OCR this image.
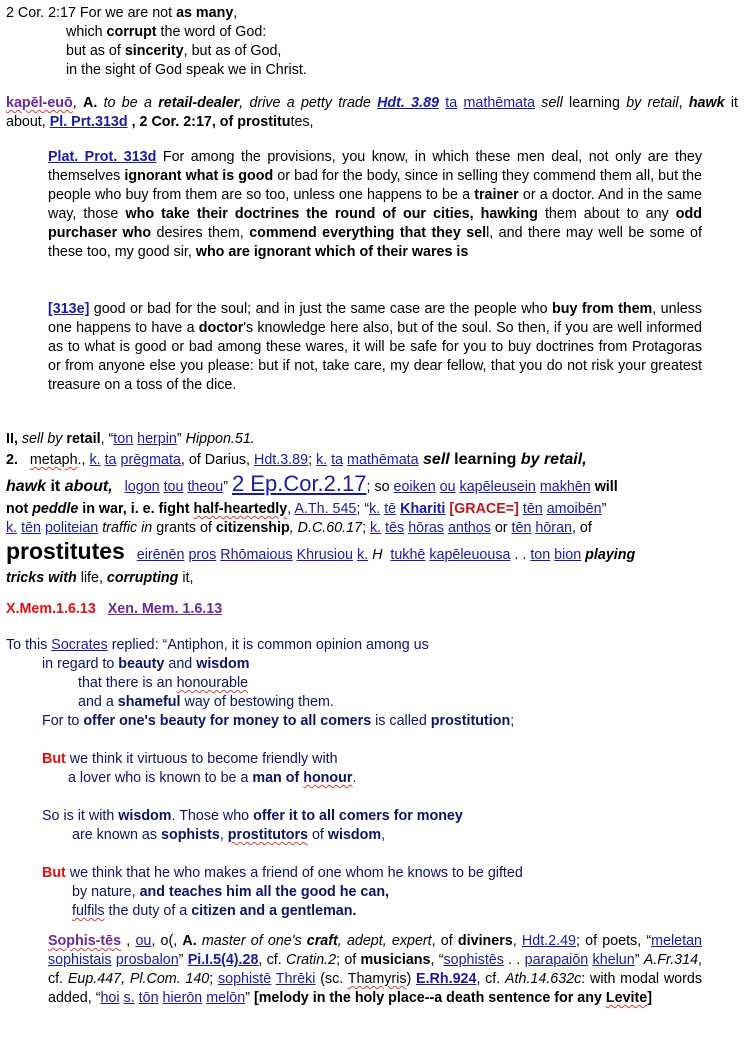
2 Cor. 2:17 For we are not as many,

which corrupt the word of God:

but as of sincerity, but as of God,

in the sight of God speak we in Christ.

kapēl-euō, A. to be a retail-dealer, drive a petty trade Hdt. 3.89 ta mathēmata sell learning by retail, hawk it about, Pl. Prt.313d , 2 Cor. 2:17, of prostitutes,

Plat. Prot. 313d For among the provisions, you know, in which these men deal, not only are they themselves ignorant what is good or bad for the body, since in selling they commend them all, but the people who buy from them are so too, unless one happens to be a trainer or a doctor. And in the same way, those who take their doctrines the round of our cities, hawking them about to any odd purchaser who desires them, commend everything that they sell, and there may well be some of these too, my good sir, who are ignorant which of their wares is

[313e] good or bad for the soul; and in just the same case are the people who buy from them, unless one happens to have a doctor's knowledge here also, but of the soul. So then, if you are well informed as to what is good or bad among these wares, it will be safe for you to buy doctrines from Protagoras or from anyone else you please: but if not, take care, my dear fellow, that you do not risk your greatest treasure on a toss of the dice.

II, sell by retail, “ton herpin” Hippon.51.

2. metaph., k. ta prēgmata, of Darius, Hdt.3.89; k. ta mathēmata sell learning by retail,

hawk it about, logon tou theou” 2 Ep.Cor.2.17; so eoiken ou kapēleusein makhēn will

not peddle in war, i. e. fight half-heartedly, A.Th. 545; “k. tē Khariti [GRACE=] tēn amoibēn”

k. tēn politeian traffic in grants of citizenship, D.C.60.17; k. tēs hōras anthos or tēn hōran, of

prostitutes eirēnēn pros Rhōmaious Khrusiou k. H tukhē kapēleuousa . . ton bion playing

tricks with life, corrupting it,

X.Mem.1.6.13 Xen. Mem. 1.6.13

To this Socrates replied: “Antiphon, it is common opinion among us

in regard to beauty and wisdom

that there is an honourable

and a shameful way of bestowing them.

For to offer one's beauty for money to all comers is called prostitution;

But we think it virtuous to become friendly with

a lover who is known to be a man of honour.

So is it with wisdom. Those who offer it to all comers for money

are known as sophists, prostitutors of wisdom,

But we think that he who makes a friend of one whom he knows to be gifted

by nature, and teaches him all the good he can,

fulfils the duty of a citizen and a gentleman.

Sophis-tēs , ou, o(, A. master of one's craft, adept, expert, of diviners, Hdt.2.49; of poets, “meletan sophistais prosbalon” Pi.I.5(4).28, cf. Cratin.2; of musicians, “sophistēs . . parapaiōn khelun” A.Fr.314, cf. Eup.447, Pl.Com. 140; sophistē Thrēki (sc. Thamyris) E.Rh.924, cf. Ath.14.632c: with modal words added, “hoi s. tōn hierōn melōn” [melody in the holy place--a death sentence for any Levite]
